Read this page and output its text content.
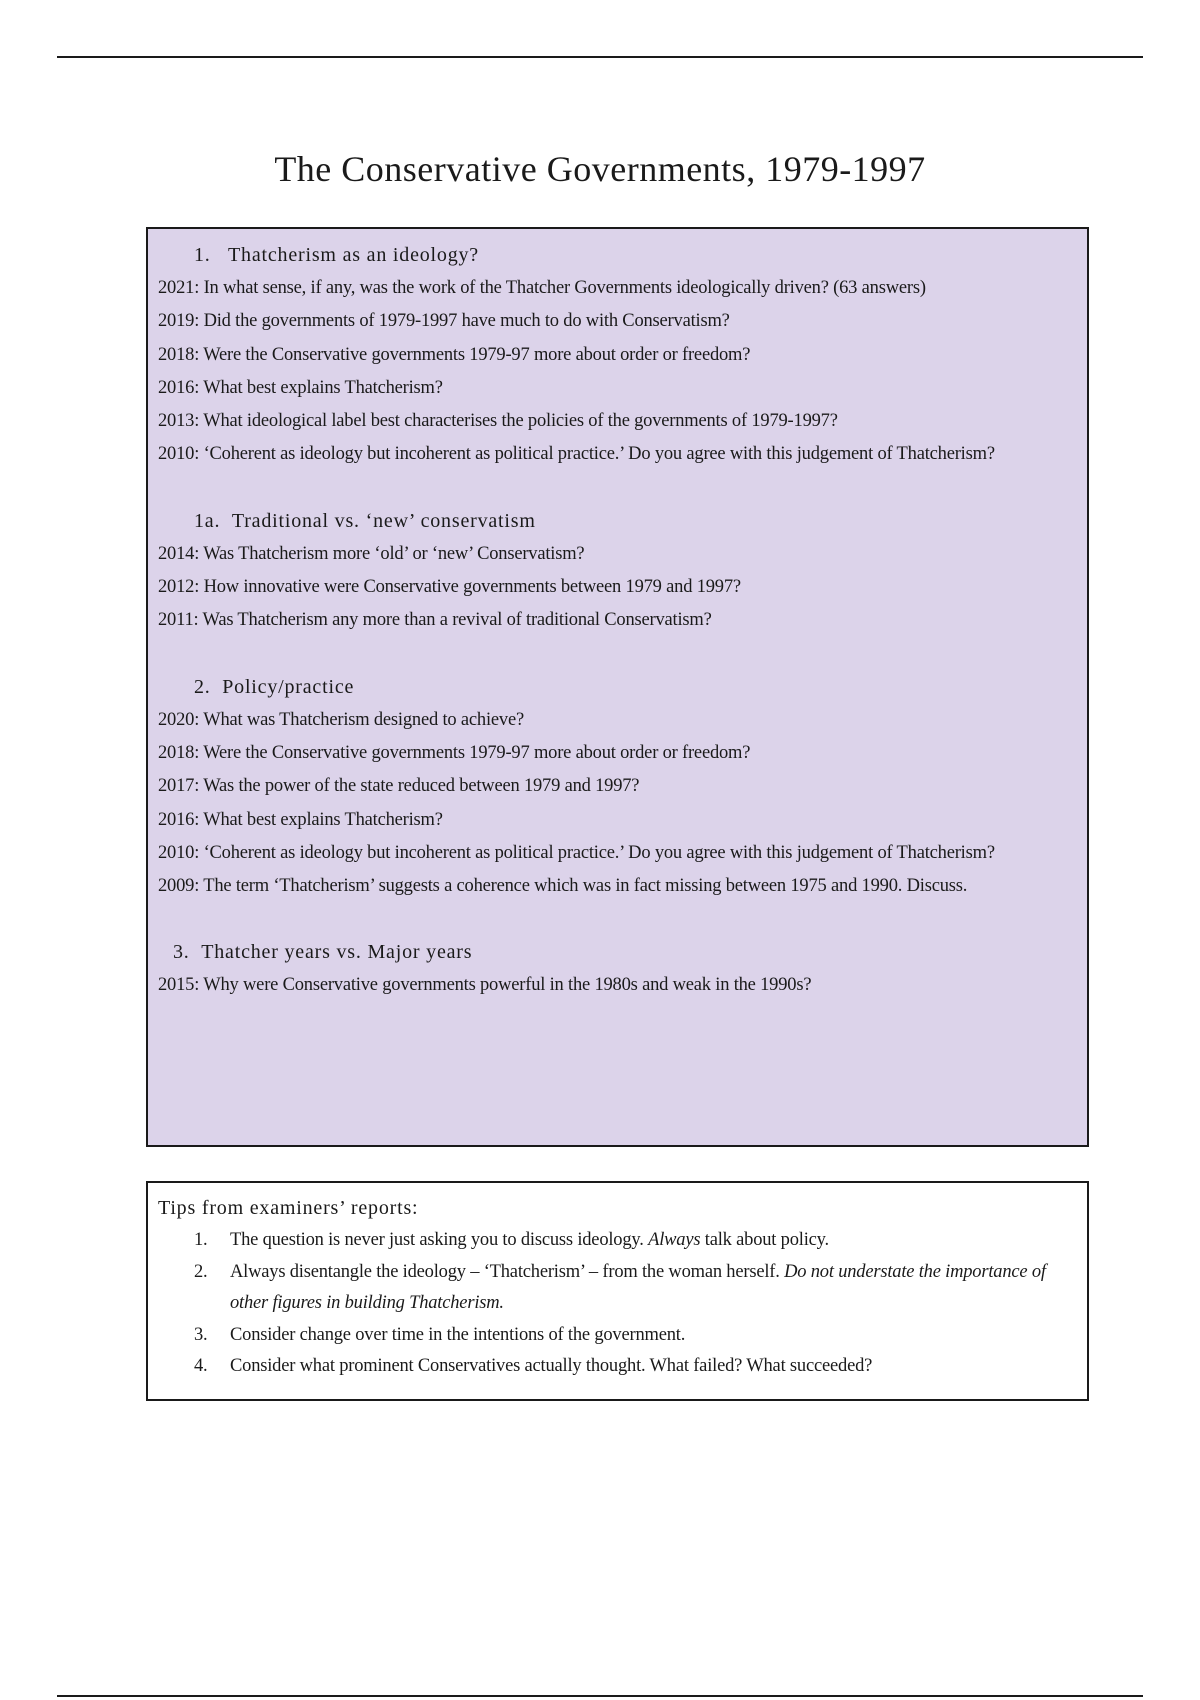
The Conservative Governments, 1979-1997
1. Thatcherism as an ideology?

2021: In what sense, if any, was the work of the Thatcher Governments ideologically driven? (63 answers)

2019: Did the governments of 1979-1997 have much to do with Conservatism?

2018: Were the Conservative governments 1979-97 more about order or freedom?

2016: What best explains Thatcherism?

2013: What ideological label best characterises the policies of the governments of 1979-1997?

2010: ‘Coherent as ideology but incoherent as political practice.’ Do you agree with this judgement of Thatcherism?

1a. Traditional vs. ‘new’ conservatism

2014: Was Thatcherism more ‘old’ or ‘new’ Conservatism?

2012: How innovative were Conservative governments between 1979 and 1997?

2011: Was Thatcherism any more than a revival of traditional Conservatism?

2. Policy/practice

2020: What was Thatcherism designed to achieve?

2018: Were the Conservative governments 1979-97 more about order or freedom?

2017: Was the power of the state reduced between 1979 and 1997?

2016: What best explains Thatcherism?

2010: ‘Coherent as ideology but incoherent as political practice.’ Do you agree with this judgement of Thatcherism?

2009: The term ‘Thatcherism’ suggests a coherence which was in fact missing between 1975 and 1990. Discuss.

3. Thatcher years vs. Major years

2015: Why were Conservative governments powerful in the 1980s and weak in the 1990s?

Tips from examiners’ reports:
1. The question is never just asking you to discuss ideology. Always talk about policy.
2. Always disentangle the ideology – ‘Thatcherism’ – from the woman herself. Do not understate the importance of other figures in building Thatcherism.
3. Consider change over time in the intentions of the government.
4. Consider what prominent Conservatives actually thought. What failed? What succeeded?
